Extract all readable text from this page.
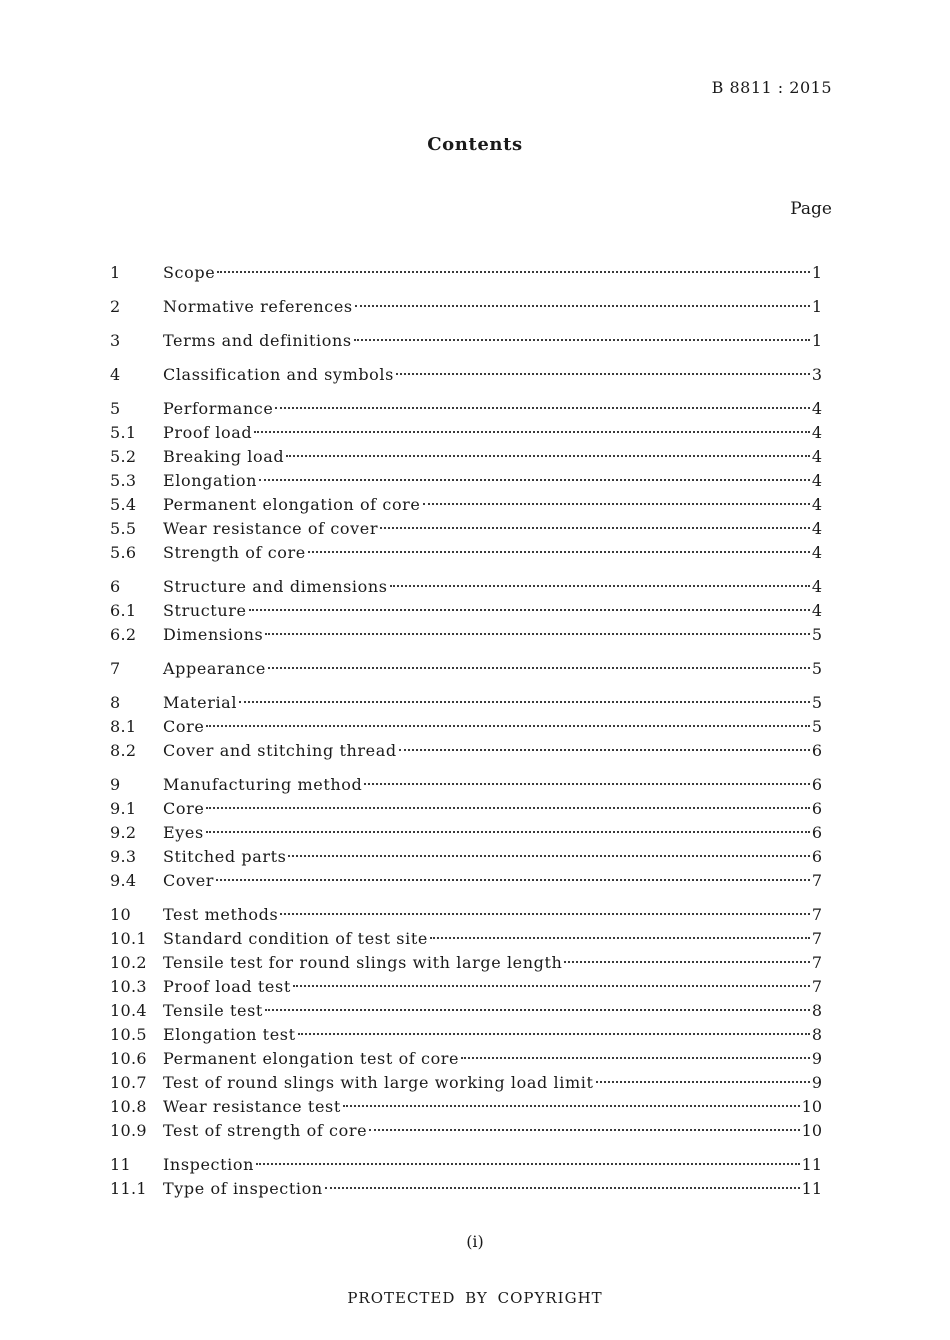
B 8811 : 2015
Contents
Page
1	Scope	1
2	Normative references	1
3	Terms and definitions	1
4	Classification and symbols	3
5	Performance	4
5.1	Proof load	4
5.2	Breaking load	4
5.3	Elongation	4
5.4	Permanent elongation of core	4
5.5	Wear resistance of cover	4
5.6	Strength of core	4
6	Structure and dimensions	4
6.1	Structure	4
6.2	Dimensions	5
7	Appearance	5
8	Material	5
8.1	Core	5
8.2	Cover and stitching thread	6
9	Manufacturing method	6
9.1	Core	6
9.2	Eyes	6
9.3	Stitched parts	6
9.4	Cover	7
10	Test methods	7
10.1	Standard condition of test site	7
10.2	Tensile test for round slings with large length	7
10.3	Proof load test	7
10.4	Tensile test	8
10.5	Elongation test	8
10.6	Permanent elongation test of core	9
10.7	Test of round slings with large working load limit	9
10.8	Wear resistance test	10
10.9	Test of strength of core	10
11	Inspection	11
11.1	Type of inspection	11
(i)
PROTECTED BY COPYRIGHT
